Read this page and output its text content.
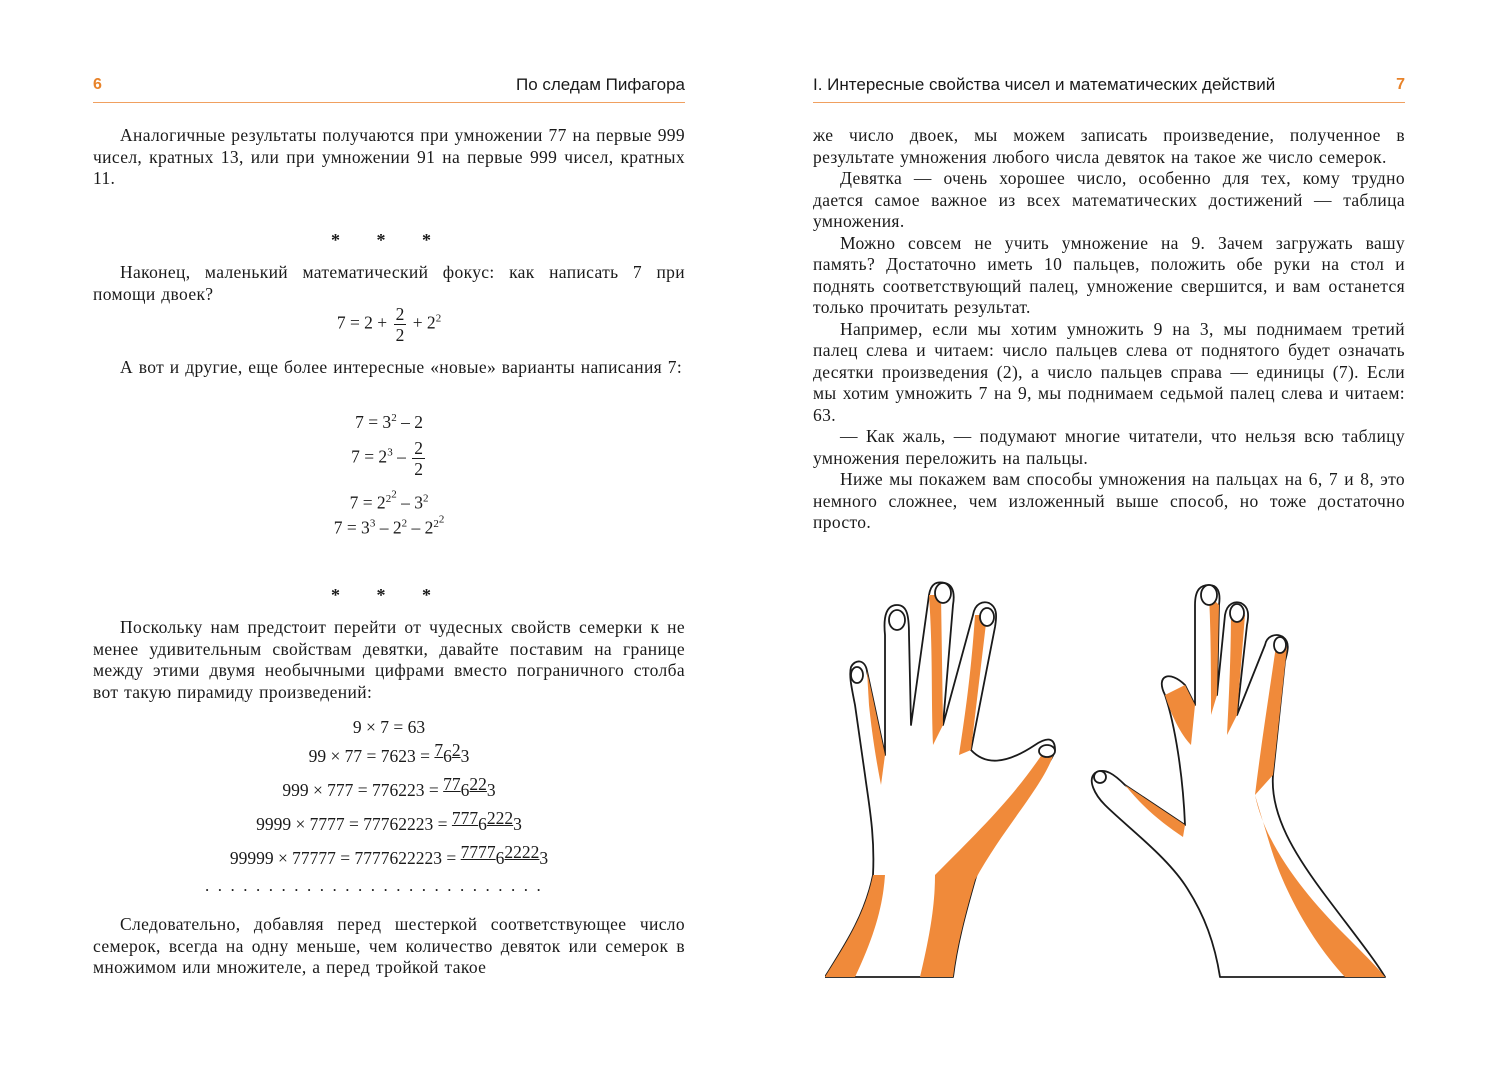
6	По следам Пифагора

Аналогичные результаты получаются при умножении 77 на первые 999 чисел, кратных 13, или при умножении 91 на первые 999 чисел, кратных 11.

* * *

Наконец, маленький математический фокус: как написать 7 при помощи двоек?

$7 = 2 + \frac{2}{2} + 2^2$

А вот и другие, еще более интересные «новые» варианты написания 7:

$7 = 3^2 - 2$
$7 = 2^3 - \frac{2}{2}$
$7 = 2^{2^2} - 3^2$
$7 = 3^3 - 2^2 - 2^{2^2}$
* * *

Поскольку нам предстоит перейти от чудесных свойств семерки к не менее удивительным свойствам девятки, давайте поставим на границе между этими двумя необычными цифрами вместо пограничного столба вот такую пирамиду произведений:

9 × 7 = 63
99 × 77 = 7623 = 7623
999 × 777 = 776223 = 776223
9999 × 7777 = 77762223 = 77762223
99999 × 77777 = 7777622223 = 7777622223
...........................

Следовательно, добавляя перед шестеркой соответствующее число семерок, всегда на одну меньше, чем количество девяток или семерок в множимом или множителе, а перед тройкой такое

I. Интересные свойства чисел и математических действий	7

же число двоек, мы можем записать произведение, полученное в результате умножения любого числа девяток на такое же число семерок.

Девятка — очень хорошее число, особенно для тех, кому трудно дается самое важное из всех математических достижений — таблица умножения.

Можно совсем не учить умножение на 9. Зачем загружать вашу память? Достаточно иметь 10 пальцев, положить обе руки на стол и поднять соответствующий палец, умножение свершится, и вам останется только прочитать результат.

Например, если мы хотим умножить 9 на 3, мы поднимаем третий палец слева и читаем: число пальцев слева от поднятого будет означать десятки произведения (2), а число пальцев справа — единицы (7). Если мы хотим умножить 7 на 9, мы поднимаем седьмой палец слева и читаем: 63.

— Как жаль, — подумают многие читатели, что нельзя всю таблицу умножения переложить на пальцы.

Ниже мы покажем вам способы умножения на пальцах на 6, 7 и 8, это немного сложнее, чем изложенный выше способ, но тоже достаточно просто.
